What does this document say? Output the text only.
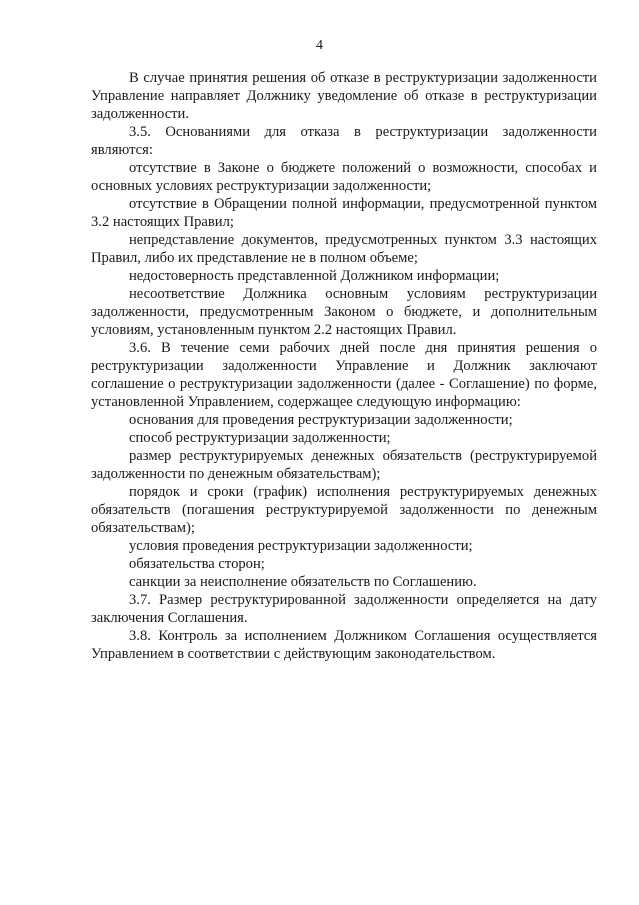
4

В случае принятия решения об отказе в реструктуризации задолженности Управление направляет Должнику уведомление об отказе в реструктуризации задолженности.

3.5. Основаниями для отказа в реструктуризации задолженности являются:

отсутствие в Законе о бюджете положений о возможности, способах и основных условиях реструктуризации задолженности;

отсутствие в Обращении полной информации, предусмотренной пунктом 3.2 настоящих Правил;

непредставление документов, предусмотренных пунктом 3.3 настоящих Правил, либо их представление не в полном объеме;

недостоверность представленной Должником информации;

несоответствие Должника основным условиям реструктуризации задолженности, предусмотренным Законом о бюджете, и дополнительным условиям, установленным пунктом 2.2 настоящих Правил.

3.6. В течение семи рабочих дней после дня принятия решения о реструктуризации задолженности Управление и Должник заключают соглашение о реструктуризации задолженности (далее - Соглашение) по форме, установленной Управлением, содержащее следующую информацию:

основания для проведения реструктуризации задолженности;

способ реструктуризации задолженности;

размер реструктурируемых денежных обязательств (реструктурируемой задолженности по денежным обязательствам);

порядок и сроки (график) исполнения реструктурируемых денежных обязательств (погашения реструктурируемой задолженности по денежным обязательствам);

условия проведения реструктуризации задолженности;

обязательства сторон;

санкции за неисполнение обязательств по Соглашению.

3.7. Размер реструктурированной задолженности определяется на дату заключения Соглашения.

3.8. Контроль за исполнением Должником Соглашения осуществляется Управлением в соответствии с действующим законодательством.
